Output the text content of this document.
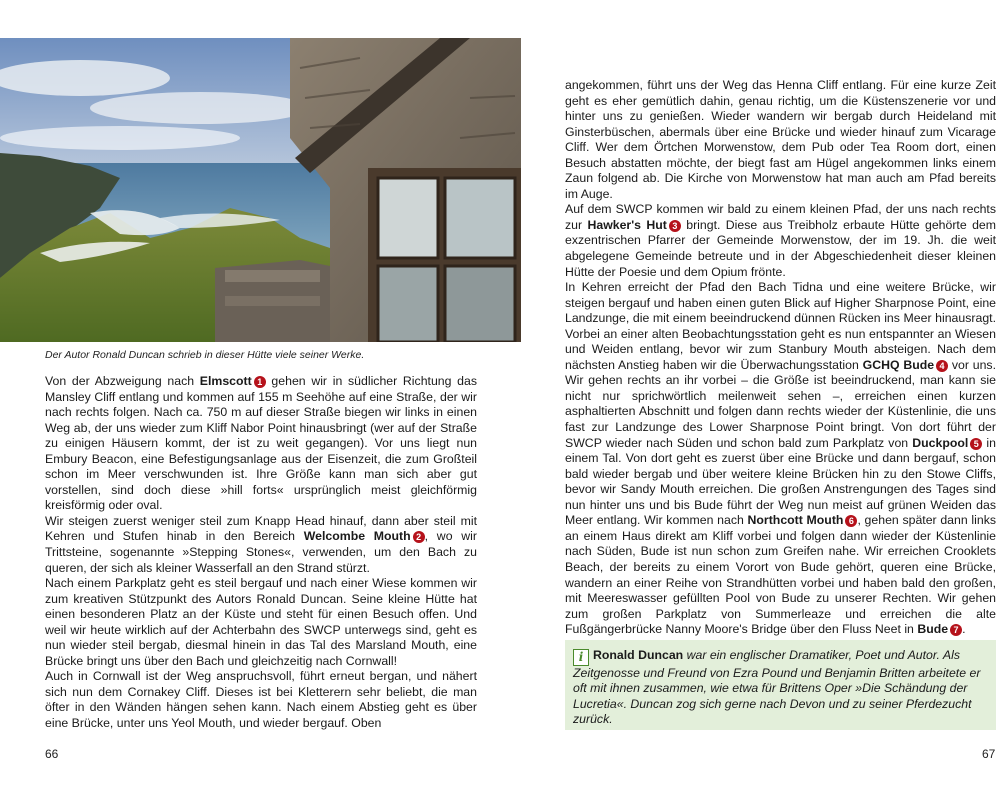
Der Autor Ronald Duncan schrieb in dieser Hütte viele seiner Werke.

Von der Abzweigung nach Elmscott 1 gehen wir in südlicher Richtung das Mansley Cliff entlang und kommen auf 155 m Seehöhe auf eine Straße, der wir nach rechts folgen. Nach ca. 750 m auf dieser Straße biegen wir links in einen Weg ab, der uns wieder zum Kliff Nabor Point hinausbringt (wer auf der Straße zu einigen Häusern kommt, der ist zu weit gegangen). Vor uns liegt nun Embury Beacon, eine Befestigungsanlage aus der Eisenzeit, die zum Großteil schon im Meer verschwunden ist. Ihre Größe kann man sich aber gut vorstellen, sind doch diese »hill forts« ursprünglich meist gleichförmig kreisförmig oder oval.

Wir steigen zuerst weniger steil zum Knapp Head hinauf, dann aber steil mit Kehren und Stufen hinab in den Bereich Welcombe Mouth 2 , wo wir Trittsteine, sogenannte »Stepping Stones«, verwenden, um den Bach zu queren, der sich als kleiner Wasserfall an den Strand stürzt.

Nach einem Parkplatz geht es steil bergauf und nach einer Wiese kommen wir zum kreativen Stützpunkt des Autors Ronald Duncan. Seine kleine Hütte hat einen besonderen Platz an der Küste und steht für einen Besuch offen. Und weil wir heute wirklich auf der Achterbahn des SWCP unterwegs sind, geht es nun wieder steil bergab, diesmal hinein in das Tal des Marsland Mouth, eine Brücke bringt uns über den Bach und gleichzeitig nach Cornwall!

Auch in Cornwall ist der Weg anspruchsvoll, führt erneut bergan, und nähert sich nun dem Cornakey Cliff. Dieses ist bei Kletterern sehr beliebt, die man öfter in den Wänden hängen sehen kann. Nach einem Abstieg geht es über eine Brücke, unter uns Yeol Mouth, und wieder bergauf. Oben

66

angekommen, führt uns der Weg das Henna Cliff entlang. Für eine kurze Zeit geht es eher gemütlich dahin, genau richtig, um die Küstenszenerie vor und hinter uns zu genießen. Wieder wandern wir bergab durch Heideland mit Ginsterbüschen, abermals über eine Brücke und wieder hinauf zum Vicarage Cliff. Wer dem Örtchen Morwenstow, dem Pub oder Tea Room dort, einen Besuch abstatten möchte, der biegt fast am Hügel angekommen links einem Zaun folgend ab. Die Kirche von Morwenstow hat man auch am Pfad bereits im Auge.

Auf dem SWCP kommen wir bald zu einem kleinen Pfad, der uns nach rechts zur Hawker's Hut 3 bringt. Diese aus Treibholz erbaute Hütte gehörte dem exzentrischen Pfarrer der Gemeinde Morwenstow, der im 19. Jh. die weit abgelegene Gemeinde betreute und in der Abgeschiedenheit dieser kleinen Hütte der Poesie und dem Opium frönte.

In Kehren erreicht der Pfad den Bach Tidna und eine weitere Brücke, wir steigen bergauf und haben einen guten Blick auf Higher Sharpnose Point, eine Landzunge, die mit einem beeindruckend dünnen Rücken ins Meer hinausragt. Vorbei an einer alten Beobachtungsstation geht es nun entspannter an Wiesen und Weiden entlang, bevor wir zum Stanbury Mouth absteigen. Nach dem nächsten Anstieg haben wir die Überwachungsstation GCHQ Bude 4 vor uns. Wir gehen rechts an ihr vorbei – die Größe ist beeindruckend, man kann sie nicht nur sprichwörtlich meilenweit sehen –, erreichen einen kurzen asphaltierten Abschnitt und folgen dann rechts wieder der Küstenlinie, die uns fast zur Landzunge des Lower Sharpnose Point bringt. Von dort führt der SWCP wieder nach Süden und schon bald zum Parkplatz von Duckpool 5 in einem Tal. Von dort geht es zuerst über eine Brücke und dann bergauf, schon bald wieder bergab und über weitere kleine Brücken hin zu den Stowe Cliffs, bevor wir Sandy Mouth erreichen. Die großen Anstrengungen des Tages sind nun hinter uns und bis Bude führt der Weg nun meist auf grünen Weiden das Meer entlang. Wir kommen nach Northcott Mouth 6 , gehen später dann links an einem Haus direkt am Kliff vorbei und folgen dann wieder der Küstenlinie nach Süden, Bude ist nun schon zum Greifen nahe. Wir erreichen Crooklets Beach, der bereits zu einem Vorort von Bude gehört, queren eine Brücke, wandern an einer Reihe von Strandhütten vorbei und haben bald den großen, mit Meereswasser gefüllten Pool von Bude zu unserer Rechten. Wir gehen zum großen Parkplatz von Summerleaze und erreichen die alte Fußgängerbrücke Nanny Moore's Bridge über den Fluss Neet in Bude 7 .

i Ronald Duncan war ein englischer Dramatiker, Poet und Autor. Als Zeitgenosse und Freund von Ezra Pound und Benjamin Britten arbeitete er oft mit ihnen zusammen, wie etwa für Brittens Oper »Die Schändung der Lucretia«. Duncan zog sich gerne nach Devon und zu seiner Pferdezucht zurück.
67
